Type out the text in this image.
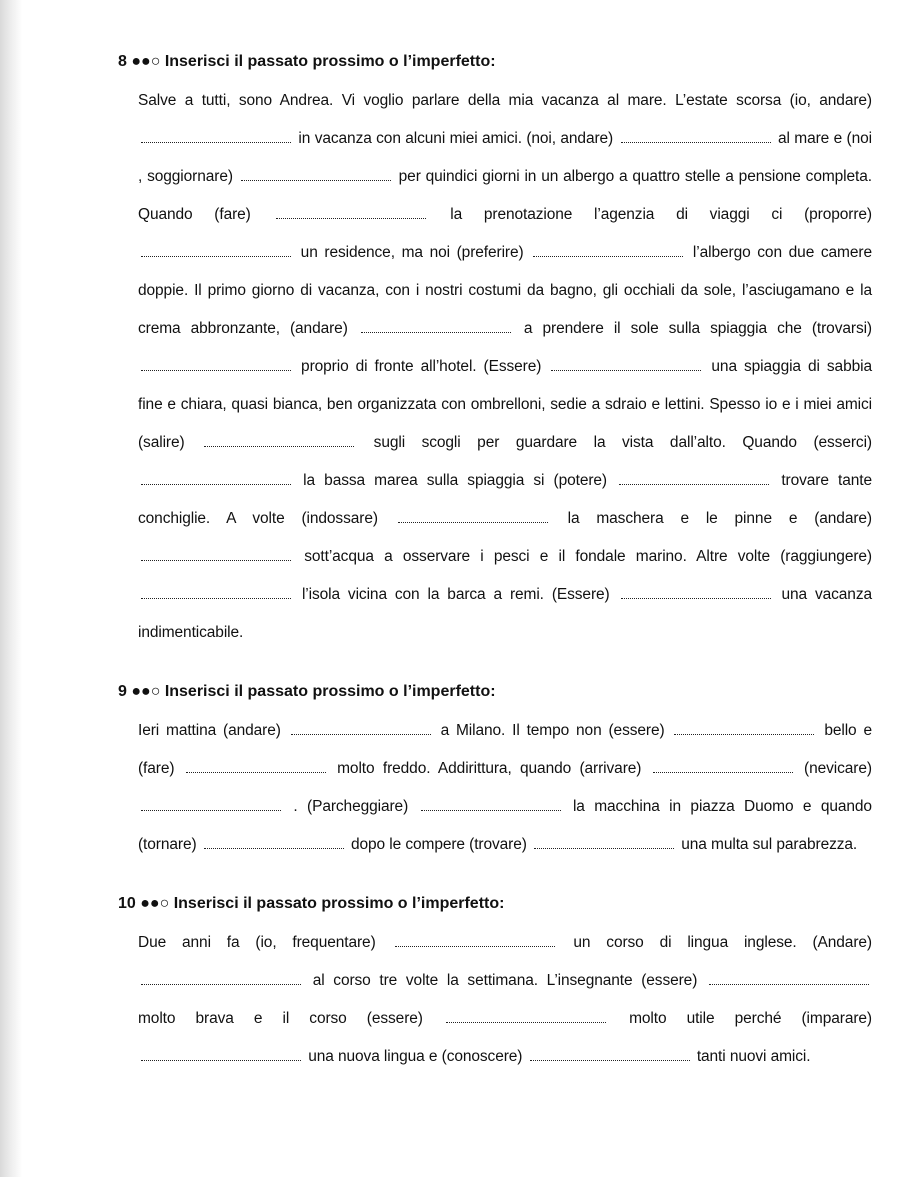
8 ●●○ Inserisci il passato prossimo o l’imperfetto:
Salve a tutti, sono Andrea. Vi voglio parlare della mia vacanza al mare. L’estate scorsa (io, andare)  in vacanza con alcuni miei amici. (noi, andare)	al mare e (noi , soggiornare)	per quindici giorni in un albergo a quattro stelle a pensione completa. Quando (fare)	la prenotazione l’agenzia di viaggi ci (proporre)  un residence, ma noi (preferire)	l’albergo con due camere doppie. Il primo giorno di vacanza, con i nostri costumi da bagno, gli occhiali da sole, l’asciugamano e la crema abbronzante, (andare)	a prendere il sole sulla spiaggia che (trovarsi)  proprio di fronte all’hotel. (Essere)	una spiaggia di sabbia fine e chiara, quasi bianca, ben organizzata con ombrelloni, sedie a sdraio e lettini. Spesso io e i miei amici (salire)	sugli scogli per guardare la vista dall’alto. Quando (esserci)  la bassa marea sulla spiaggia si (potere)	trovare tante conchiglie. A volte (indossare)	la maschera e le pinne e (andare)  sott’acqua a osservare i pesci e il fondale marino. Altre volte (raggiungere)  l’isola vicina con la barca a remi. (Essere)	una vacanza indimenticabile.
9 ●●○ Inserisci il passato prossimo o l’imperfetto:
Ieri mattina (andare)	a Milano. Il tempo non (essere)	bello e (fare)	molto freddo. Addirittura, quando (arrivare)	(nevicare)  . (Parcheggiare)	la macchina in piazza Duomo e quando (tornare)	dopo le compere (trovare)	una multa sul parabrezza.
10 ●●○ Inserisci il passato prossimo o l’imperfetto:
Due anni fa (io, frequentare)	un corso di lingua inglese. (Andare)  al corso tre volte la settimana. L’insegnante (essere)  molto brava e il corso (essere)	molto utile perché (imparare)  una nuova lingua e (conoscere)	tanti nuovi amici.
